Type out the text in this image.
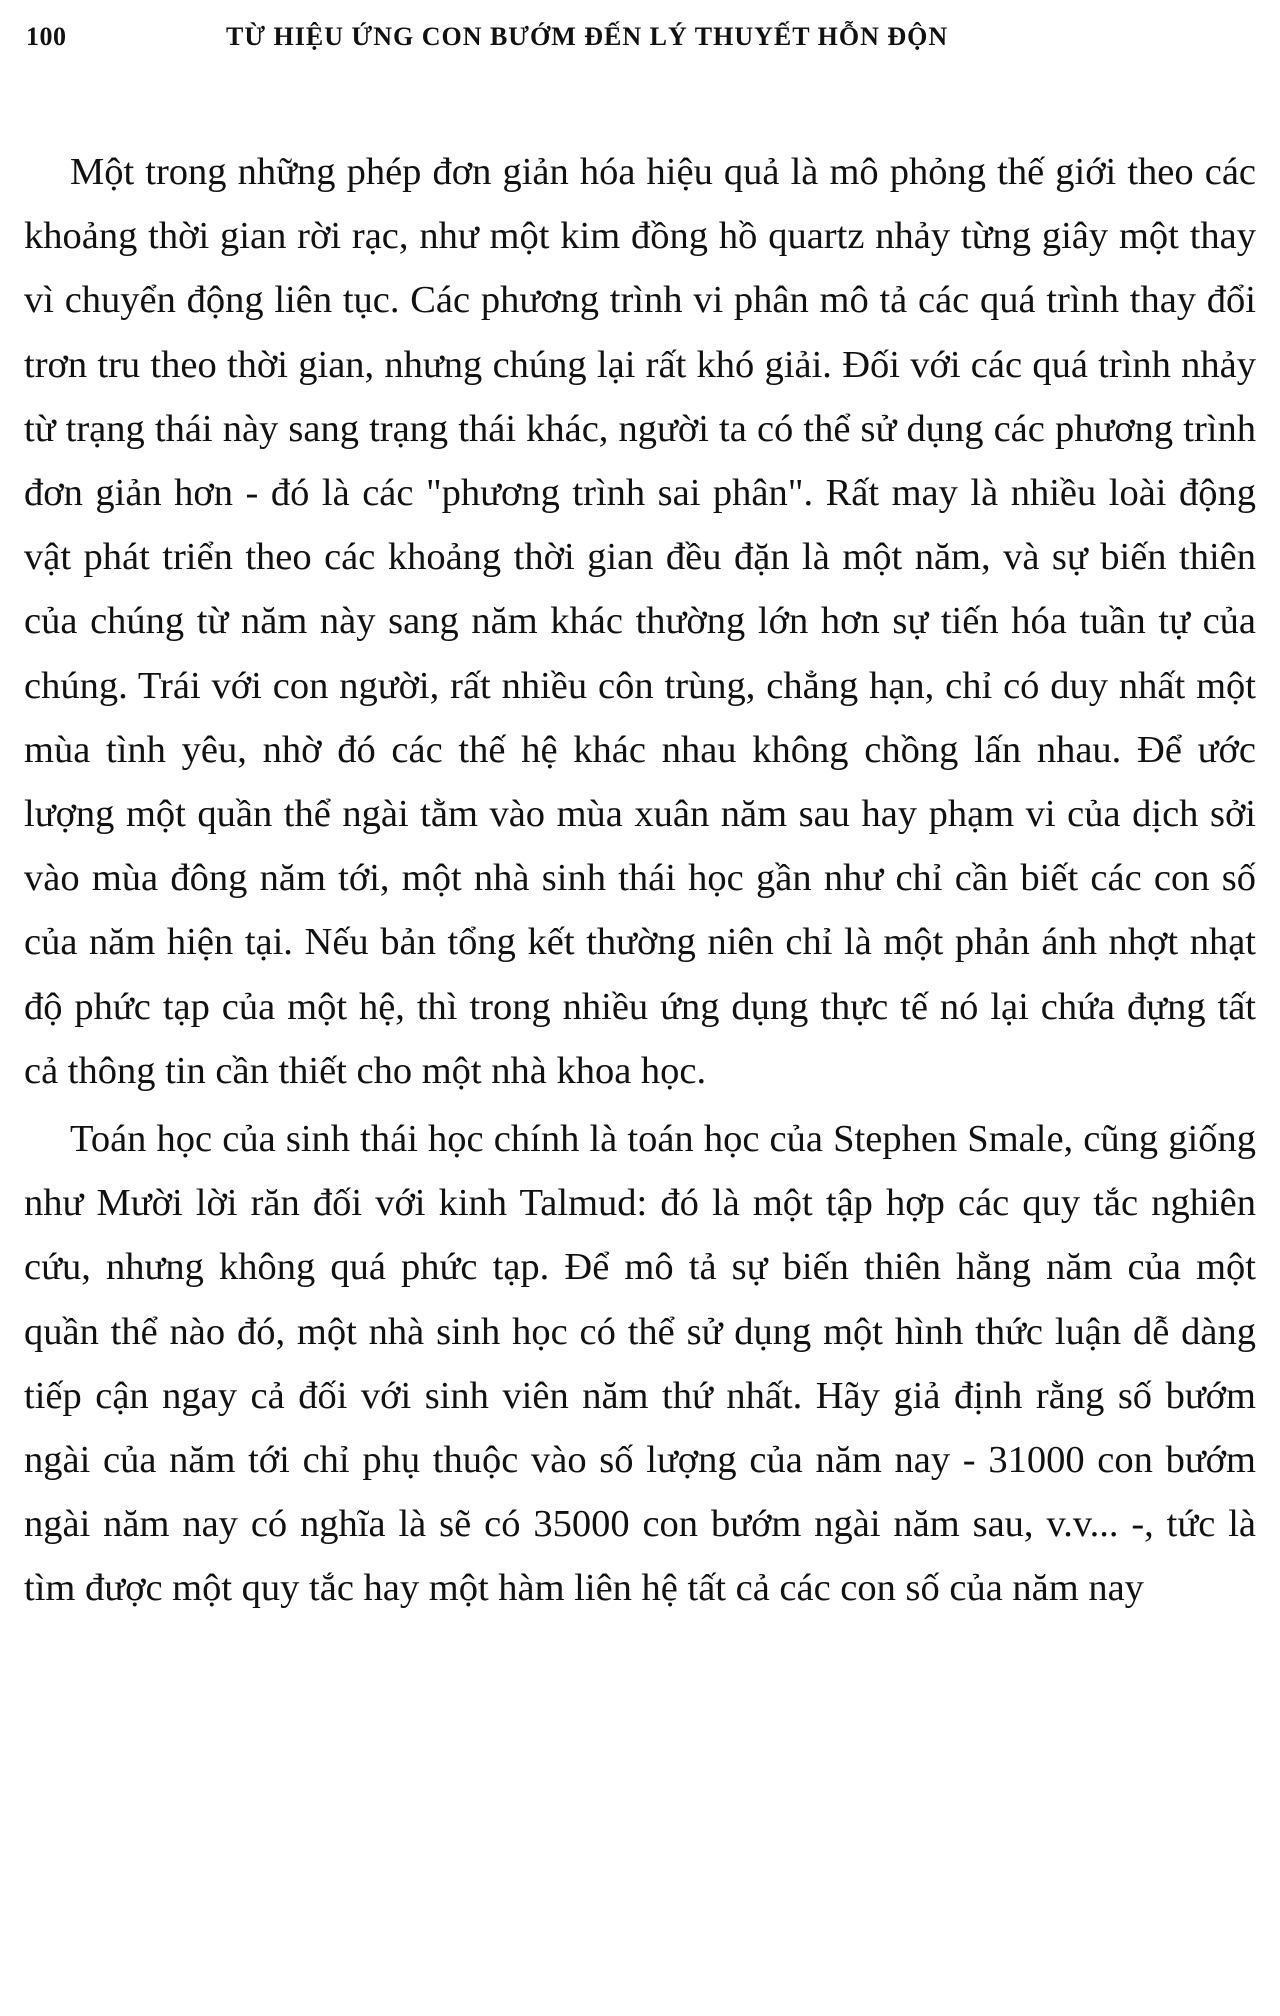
100	TỪ HIỆU ỨNG CON BƯỚM ĐẾN LÝ THUYẾT HỖN ĐỘN

Một trong những phép đơn giản hóa hiệu quả là mô phỏng thế giới theo các khoảng thời gian rời rạc, như một kim đồng hồ quartz nhảy từng giây một thay vì chuyển động liên tục. Các phương trình vi phân mô tả các quá trình thay đổi trơn tru theo thời gian, nhưng chúng lại rất khó giải. Đối với các quá trình nhảy từ trạng thái này sang trạng thái khác, người ta có thể sử dụng các phương trình đơn giản hơn - đó là các "phương trình sai phân". Rất may là nhiều loài động vật phát triển theo các khoảng thời gian đều đặn là một năm, và sự biến thiên của chúng từ năm này sang năm khác thường lớn hơn sự tiến hóa tuần tự của chúng. Trái với con người, rất nhiều côn trùng, chẳng hạn, chỉ có duy nhất một mùa tình yêu, nhờ đó các thế hệ khác nhau không chồng lấn nhau. Để ước lượng một quần thể ngài tằm vào mùa xuân năm sau hay phạm vi của dịch sởi vào mùa đông năm tới, một nhà sinh thái học gần như chỉ cần biết các con số của năm hiện tại. Nếu bản tổng kết thường niên chỉ là một phản ánh nhợt nhạt độ phức tạp của một hệ, thì trong nhiều ứng dụng thực tế nó lại chứa đựng tất cả thông tin cần thiết cho một nhà khoa học.

Toán học của sinh thái học chính là toán học của Stephen Smale, cũng giống như Mười lời răn đối với kinh Talmud: đó là một tập hợp các quy tắc nghiên cứu, nhưng không quá phức tạp. Để mô tả sự biến thiên hằng năm của một quần thể nào đó, một nhà sinh học có thể sử dụng một hình thức luận dễ dàng tiếp cận ngay cả đối với sinh viên năm thứ nhất. Hãy giả định rằng số bướm ngài của năm tới chỉ phụ thuộc vào số lượng của năm nay - 31000 con bướm ngài năm nay có nghĩa là sẽ có 35000 con bướm ngài năm sau, v.v... -, tức là tìm được một quy tắc hay một hàm liên hệ tất cả các con số của năm nay
